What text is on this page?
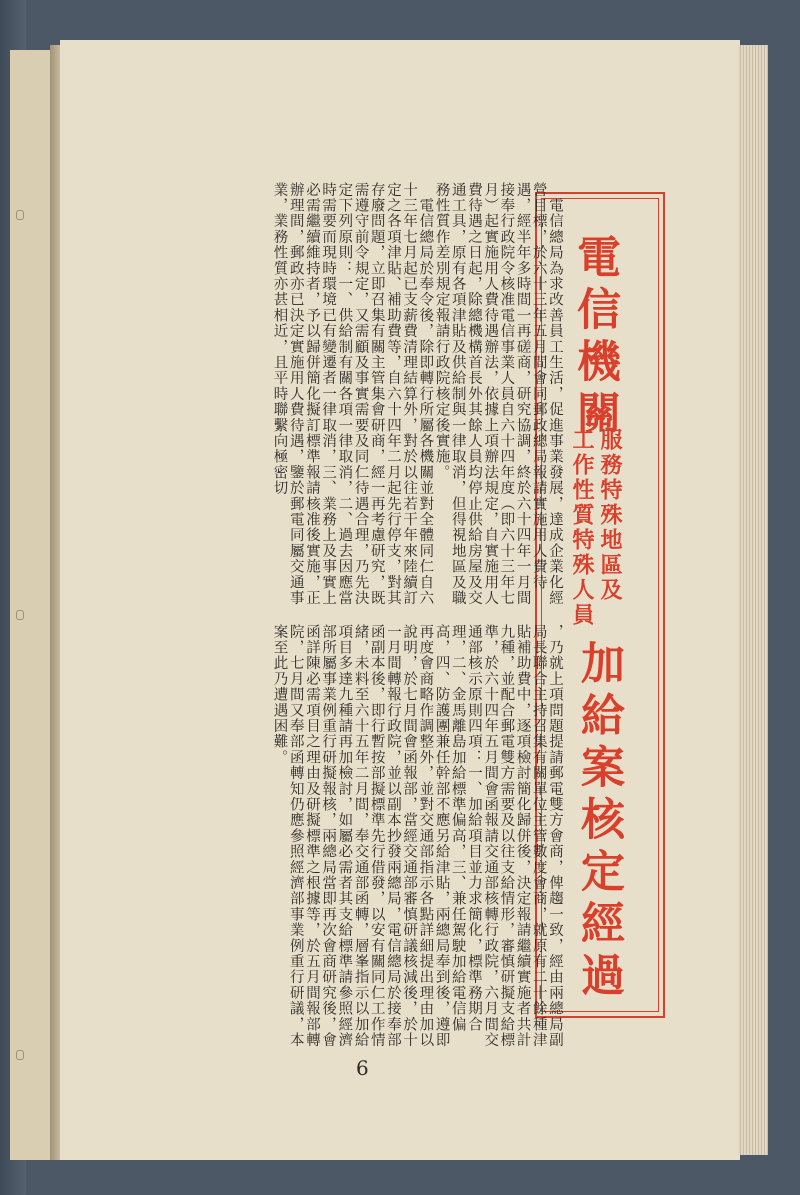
電信機關
服務特殊地區及
工作性質特殊人員
加給案核定經過
　電信總局為求改善員工生活，促進事業發展，達成企業化經營目標，於六十三年五月間會同郵政總局報請實施用人費待遇，經半年多時間一再磋商，研究協調，終於六十四年一月間接奉行政院令核准電信事業人員自六十四年度（即六十三年七月）起實施用人費待遇辦法，依據上項辦法規定，自實施用人費待遇之日起，除總機構首長外其餘人員均停止供給房屋及交通工具，原有各項津貼及供給制與一律取消，但得視地區及職務性質作差別規定報請行政院核定後實施。
　電信總局於奉令後，除即轉行所屬各機關並對全體同仁自六十三年七月起已支薪費清理結算外，對於以往若干年來陸續訂定之各項津貼、補助費等，自六十四年二月起先行停支，對其存廢問題，立即召集有關主管集會研商，經一再考慮研究，既需遵守前令規定，又需顧及事實需要及同仁待遇合理，乃先決定下列原則：一、供給制有關各項一律取消，二、過去因應當時需要而現時環境已有變遷者一律取消，三、業務上及事實上必需繼續維持者，予以歸併簡化擬訂標準報請核准後實施，正辦理間，郵政亦已決定實施用人費待遇，鑒於郵電同屬交通事業，業務性質亦甚相近，且平時聯繫向極密切
，乃就上項問題提請郵電雙方會商，俾趨一致，經由兩總局副局長聯合主持召集有關單位主管數度會商，就原有二十餘種津貼補助費中，逐項檢討簡化歸併後，決定報請繼續實施者共計九種，並配合郵電雙方需要及以往支給情形，審慎研擬支給標準，於六十四年五月間會函報請交通部核轉行政院，六月間交通部核示原則四項：一、加給項目並力求簡化，標準務期合理，二、金馬離島加給標準偏高，三、兼任駕駛加給電信偏高，四、防護團兼任幹部不應另給津貼，兩總局奉到後，遵即再度會商略作調整外，並對交通部指示各點詳細提出理由加以說明，於七月間會函報部，當經交通部審慎研議核減後，於十一月間轉報行政院，並以副本抄發兩總局，電信總局於接奉部函副本後，即行暫按部擬標準先行借發，以安有關同仁工作情緒，未料至六十五年二月間，奉交通部函轉，層峯指示以加給項目多達九種請再加檢討，如屬必需者其支給標準請參照經濟部所屬事業例重行研擬報核，兩總局當即再次會商研究後，會函詳陳必需項目之理由及研擬標準之根據等，於五月間報部轉院，七月間又奉部函轉知仍應參照經濟部事業例重行研議，本案至此乃遭遇困難。
6
